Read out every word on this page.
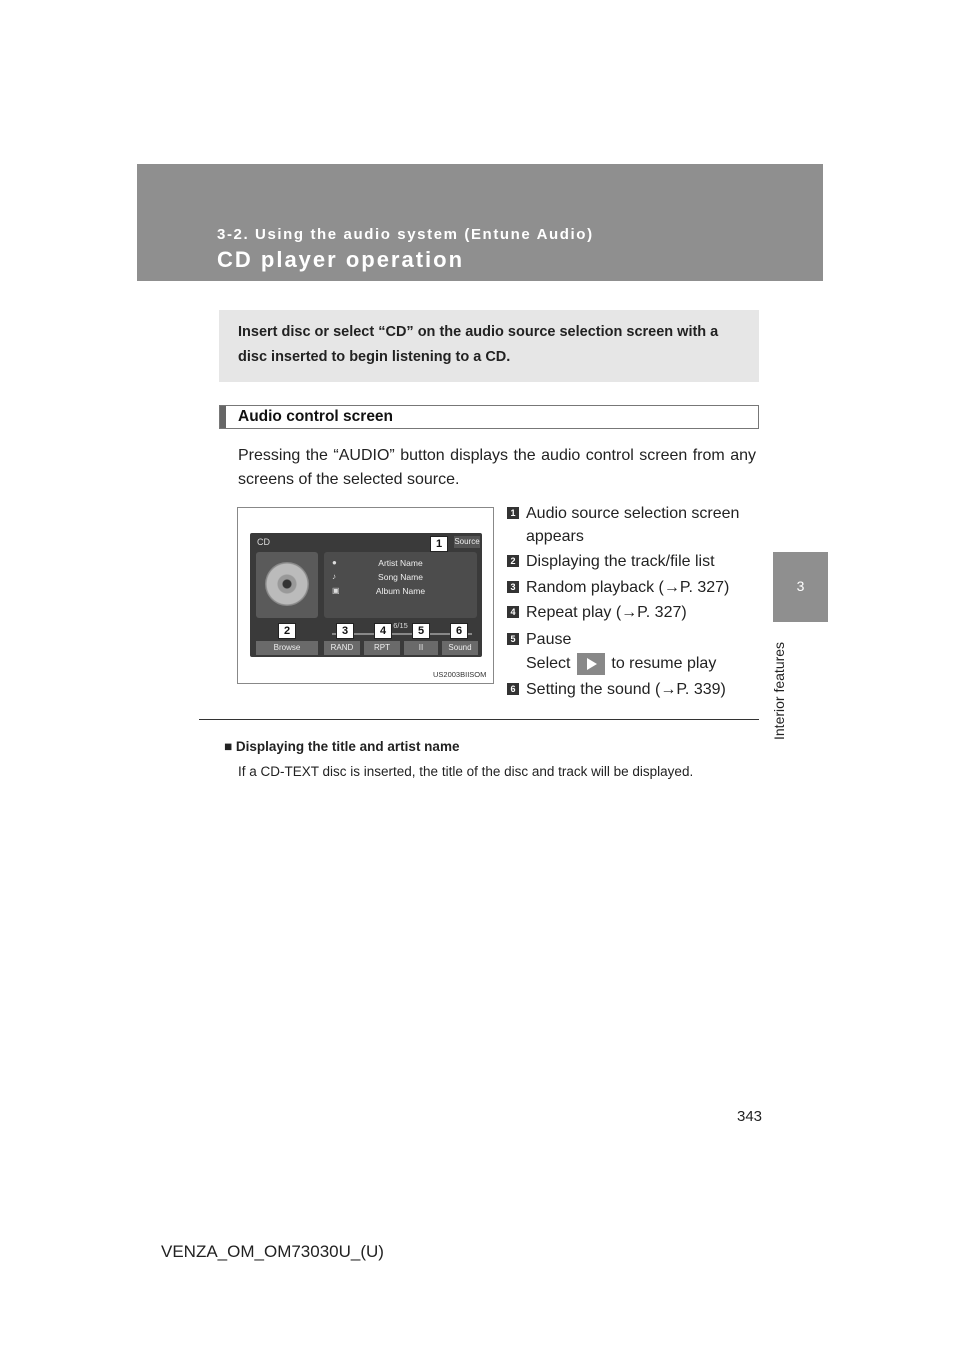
3-2. Using the audio system (Entune Audio)
CD player operation
3
Interior features
Insert disc or select “CD” on the audio source selection screen with a disc inserted to begin listening to a CD.
Audio control screen
Pressing the “AUDIO” button displays the audio control screen from any screens of the selected source.
CD	Source
●	Artist Name
♪	Song Name
▣	Album Name
6/15
Browse	RAND	RPT	II	Sound
1
2	3	4	5	6
US2003BIISOM
1 Audio source selection screen appears
2 Displaying the track/file list
3 Random playback (→P. 327)
4 Repeat play (→P. 327)
5 Pause
Select	to resume play
6 Setting the sound (→P. 339)
■ Displaying the title and artist name
If a CD-TEXT disc is inserted, the title of the disc and track will be displayed.
343
VENZA_OM_OM73030U_(U)
